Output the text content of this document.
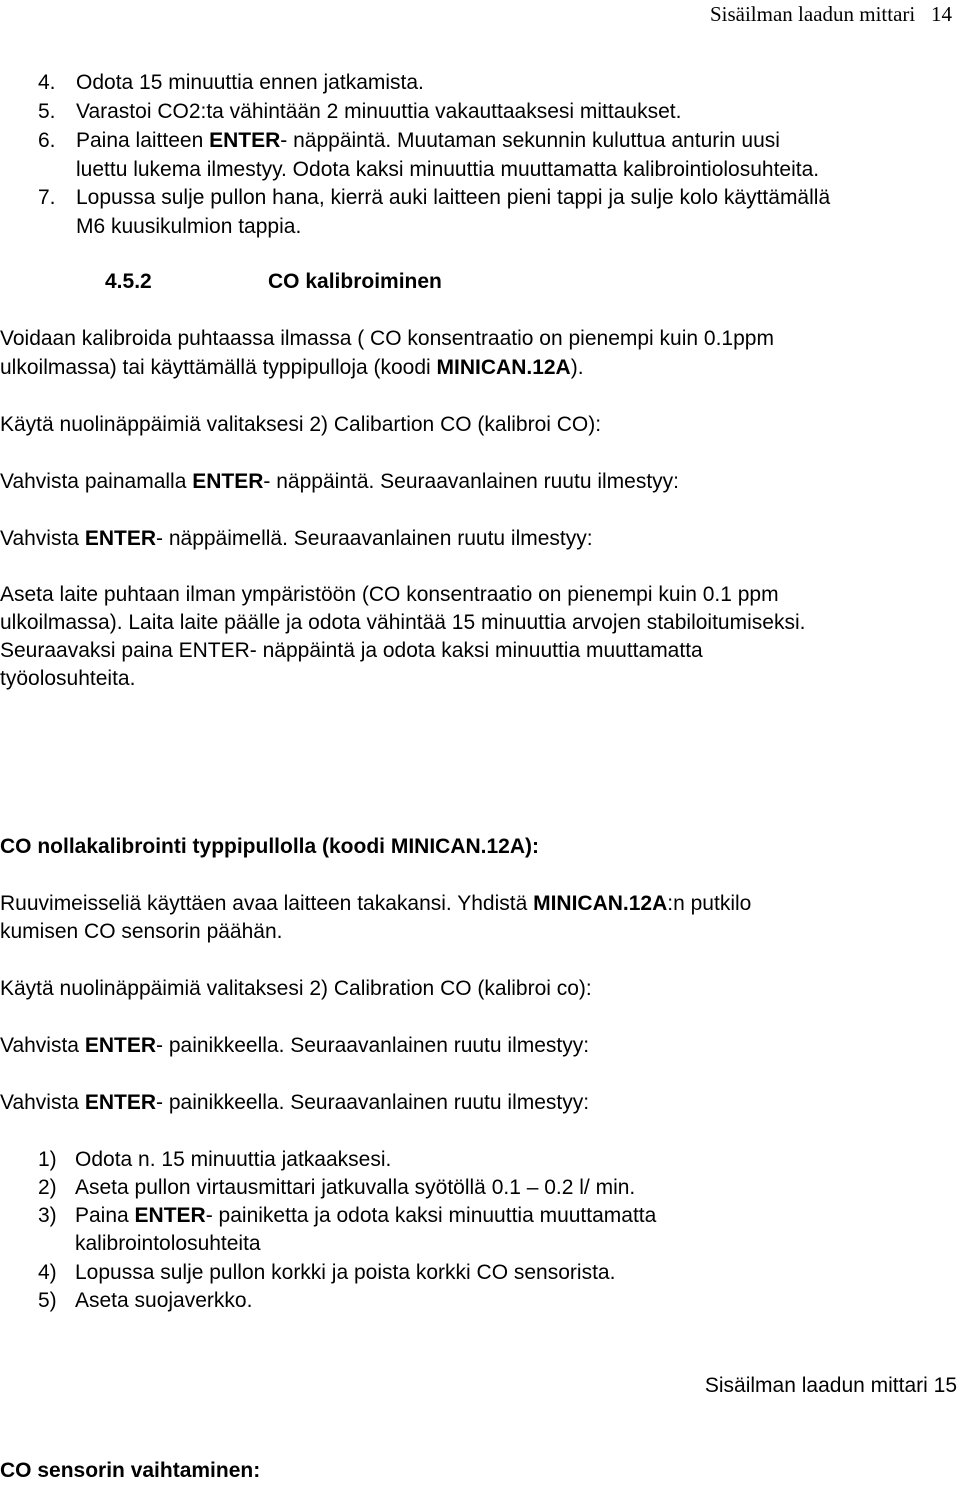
Sisäilman laadun mittari 14
4. Odota 15 minuuttia ennen jatkamista.
5. Varastoi CO2:ta vähintään 2 minuuttia vakauttaaksesi mittaukset.
6. Paina laitteen ENTER- näppäintä. Muutaman sekunnin kuluttua anturin uusi
luettu lukema ilmestyy. Odota kaksi minuuttia muuttamatta kalibrointiolosuhteita.
7. Lopussa sulje pullon hana, kierrä auki laitteen pieni tappi ja sulje kolo käyttämällä
M6 kuusikulmion tappia.
4.5.2	CO kalibroiminen
Voidaan kalibroida puhtaassa ilmassa ( CO konsentraatio on pienempi kuin 0.1ppm
ulkoilmassa) tai käyttämällä typpipulloja (koodi MINICAN.12A).
Käytä nuolinäppäimiä valitaksesi 2) Calibartion CO (kalibroi CO):
Vahvista painamalla ENTER- näppäintä. Seuraavanlainen ruutu ilmestyy:
Vahvista ENTER- näppäimellä. Seuraavanlainen ruutu ilmestyy:
Aseta laite puhtaan ilman ympäristöön (CO konsentraatio on pienempi kuin 0.1 ppm
ulkoilmassa). Laita laite päälle ja odota vähintää 15 minuuttia arvojen stabiloitumiseksi.
Seuraavaksi paina ENTER- näppäintä ja odota kaksi minuuttia muuttamatta
työolosuhteita.
CO nollakalibrointi typpipullolla (koodi MINICAN.12A):
Ruuvimeisseliä käyttäen avaa laitteen takakansi. Yhdistä MINICAN.12A:n putkilo
kumisen CO sensorin päähän.
Käytä nuolinäppäimiä valitaksesi 2) Calibration CO (kalibroi co):
Vahvista ENTER- painikkeella. Seuraavanlainen ruutu ilmestyy:
Vahvista ENTER- painikkeella. Seuraavanlainen ruutu ilmestyy:
1) Odota n. 15 minuuttia jatkaaksesi.
2) Aseta pullon virtausmittari jatkuvalla syötöllä 0.1 – 0.2 l/ min.
3) Paina ENTER- painiketta ja odota kaksi minuuttia muuttamatta
kalibrointolosuhteita
4) Lopussa sulje pullon korkki ja poista korkki CO sensorista.
5) Aseta suojaverkko.
Sisäilman laadun mittari 15
CO sensorin vaihtaminen:
